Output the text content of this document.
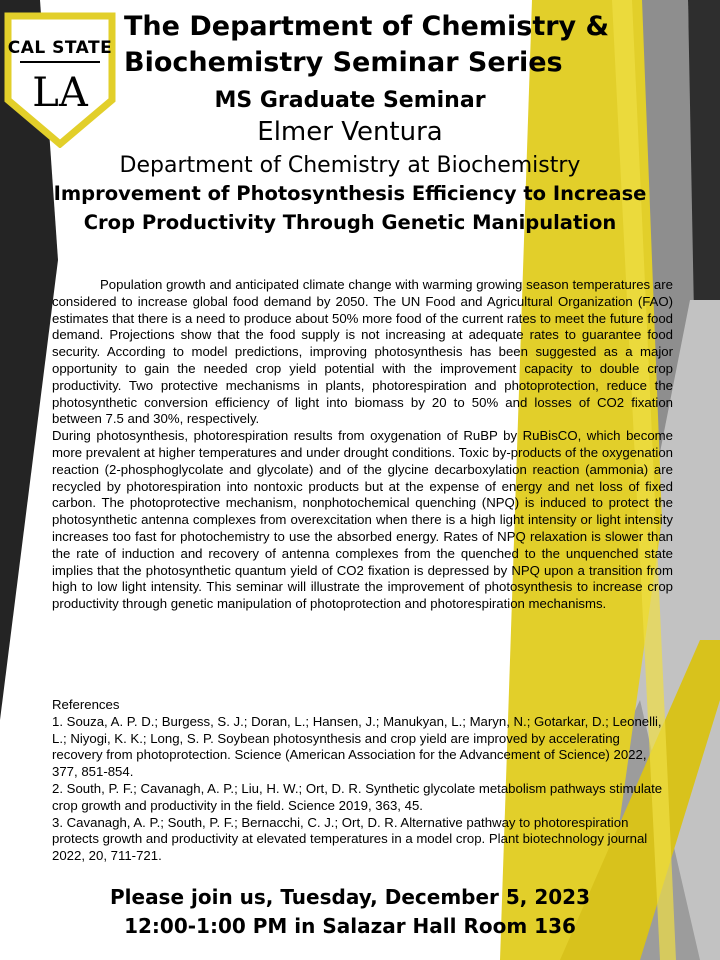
CAL STATE
LA
The Department of Chemistry &
Biochemistry Seminar Series
MS Graduate Seminar
Elmer Ventura
Department of Chemistry at Biochemistry
Improvement of Photosynthesis Efficiency to Increase Crop Productivity Through Genetic Manipulation

Population growth and anticipated climate change with warming growing season temperatures are considered to increase global food demand by 2050. The UN Food and Agricultural Organization (FAO) estimates that there is a need to produce about 50% more food of the current rates to meet the future food demand. Projections show that the food supply is not increasing at adequate rates to guarantee food security. According to model predictions, improving photosynthesis has been suggested as a major opportunity to gain the needed crop yield potential with the improvement capacity to double crop productivity. Two protective mechanisms in plants, photorespiration and photoprotection, reduce the photosynthetic conversion efficiency of light into biomass by 20 to 50% and losses of CO2 fixation between 7.5 and 30%, respectively.

During photosynthesis, photorespiration results from oxygenation of RuBP by RuBisCO, which become more prevalent at higher temperatures and under drought conditions. Toxic by-products of the oxygenation reaction (2-phosphoglycolate and glycolate) and of the glycine decarboxylation reaction (ammonia) are recycled by photorespiration into nontoxic products but at the expense of energy and net loss of fixed carbon. The photoprotective mechanism, nonphotochemical quenching (NPQ) is induced to protect the photosynthetic antenna complexes from overexcitation when there is a high light intensity or light intensity increases too fast for photochemistry to use the absorbed energy. Rates of NPQ relaxation is slower than the rate of induction and recovery of antenna complexes from the quenched to the unquenched state implies that the photosynthetic quantum yield of CO2 fixation is depressed by NPQ upon a transition from high to low light intensity. This seminar will illustrate the improvement of photosynthesis to increase crop productivity through genetic manipulation of photoprotection and photorespiration mechanisms.

References

1. Souza, A. P. D.; Burgess, S. J.; Doran, L.; Hansen, J.; Manukyan, L.; Maryn, N.; Gotarkar, D.; Leonelli, L.; Niyogi, K. K.; Long, S. P. Soybean photosynthesis and crop yield are improved by accelerating recovery from photoprotection. Science (American Association for the Advancement of Science) 2022, 377, 851-854.

2. South, P. F.; Cavanagh, A. P.; Liu, H. W.; Ort, D. R. Synthetic glycolate metabolism pathways stimulate crop growth and productivity in the field. Science 2019, 363, 45.

3. Cavanagh, A. P.; South, P. F.; Bernacchi, C. J.; Ort, D. R. Alternative pathway to photorespiration protects growth and productivity at elevated temperatures in a model crop. Plant biotechnology journal 2022, 20, 711-721.

Please join us, Tuesday, December 5, 2023
12:00-1:00 PM in Salazar Hall Room 136
